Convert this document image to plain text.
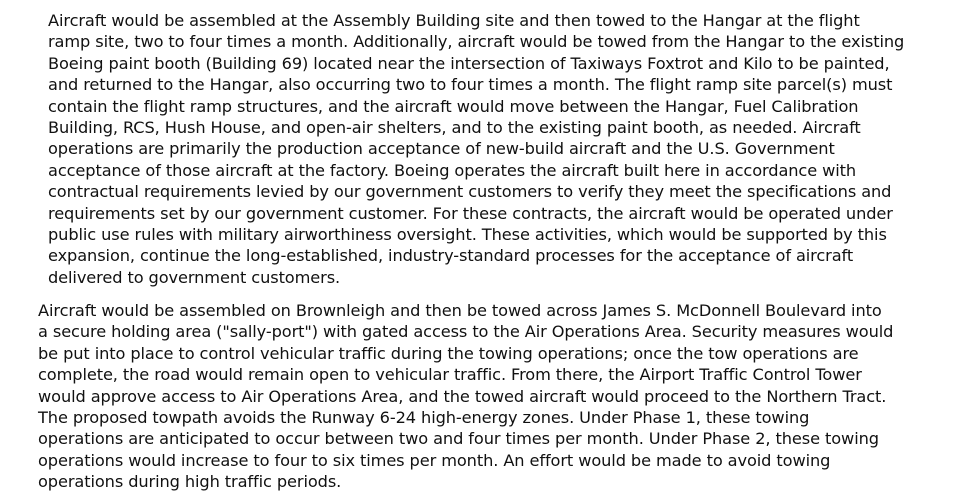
Aircraft would be assembled at the Assembly Building site and then towed to the Hangar at the flight
ramp site, two to four times a month. Additionally, aircraft would be towed from the Hangar to the existing
Boeing paint booth (Building 69) located near the intersection of Taxiways Foxtrot and Kilo to be painted,
and returned to the Hangar, also occurring two to four times a month. The flight ramp site parcel(s) must
contain the flight ramp structures, and the aircraft would move between the Hangar, Fuel Calibration
Building, RCS, Hush House, and open-air shelters, and to the existing paint booth, as needed. Aircraft
operations are primarily the production acceptance of new-build aircraft and the U.S. Government
acceptance of those aircraft at the factory. Boeing operates the aircraft built here in accordance with
contractual requirements levied by our government customers to verify they meet the specifications and
requirements set by our government customer. For these contracts, the aircraft would be operated under
public use rules with military airworthiness oversight. These activities, which would be supported by this
expansion, continue the long-established, industry-standard processes for the acceptance of aircraft
delivered to government customers.
Aircraft would be assembled on Brownleigh and then be towed across James S. McDonnell Boulevard into
a secure holding area ("sally-port") with gated access to the Air Operations Area. Security measures would
be put into place to control vehicular traffic during the towing operations; once the tow operations are
complete, the road would remain open to vehicular traffic. From there, the Airport Traffic Control Tower
would approve access to Air Operations Area, and the towed aircraft would proceed to the Northern Tract.
The proposed towpath avoids the Runway 6-24 high-energy zones. Under Phase 1, these towing
operations are anticipated to occur between two and four times per month. Under Phase 2, these towing
operations would increase to four to six times per month. An effort would be made to avoid towing
operations during high traffic periods.
